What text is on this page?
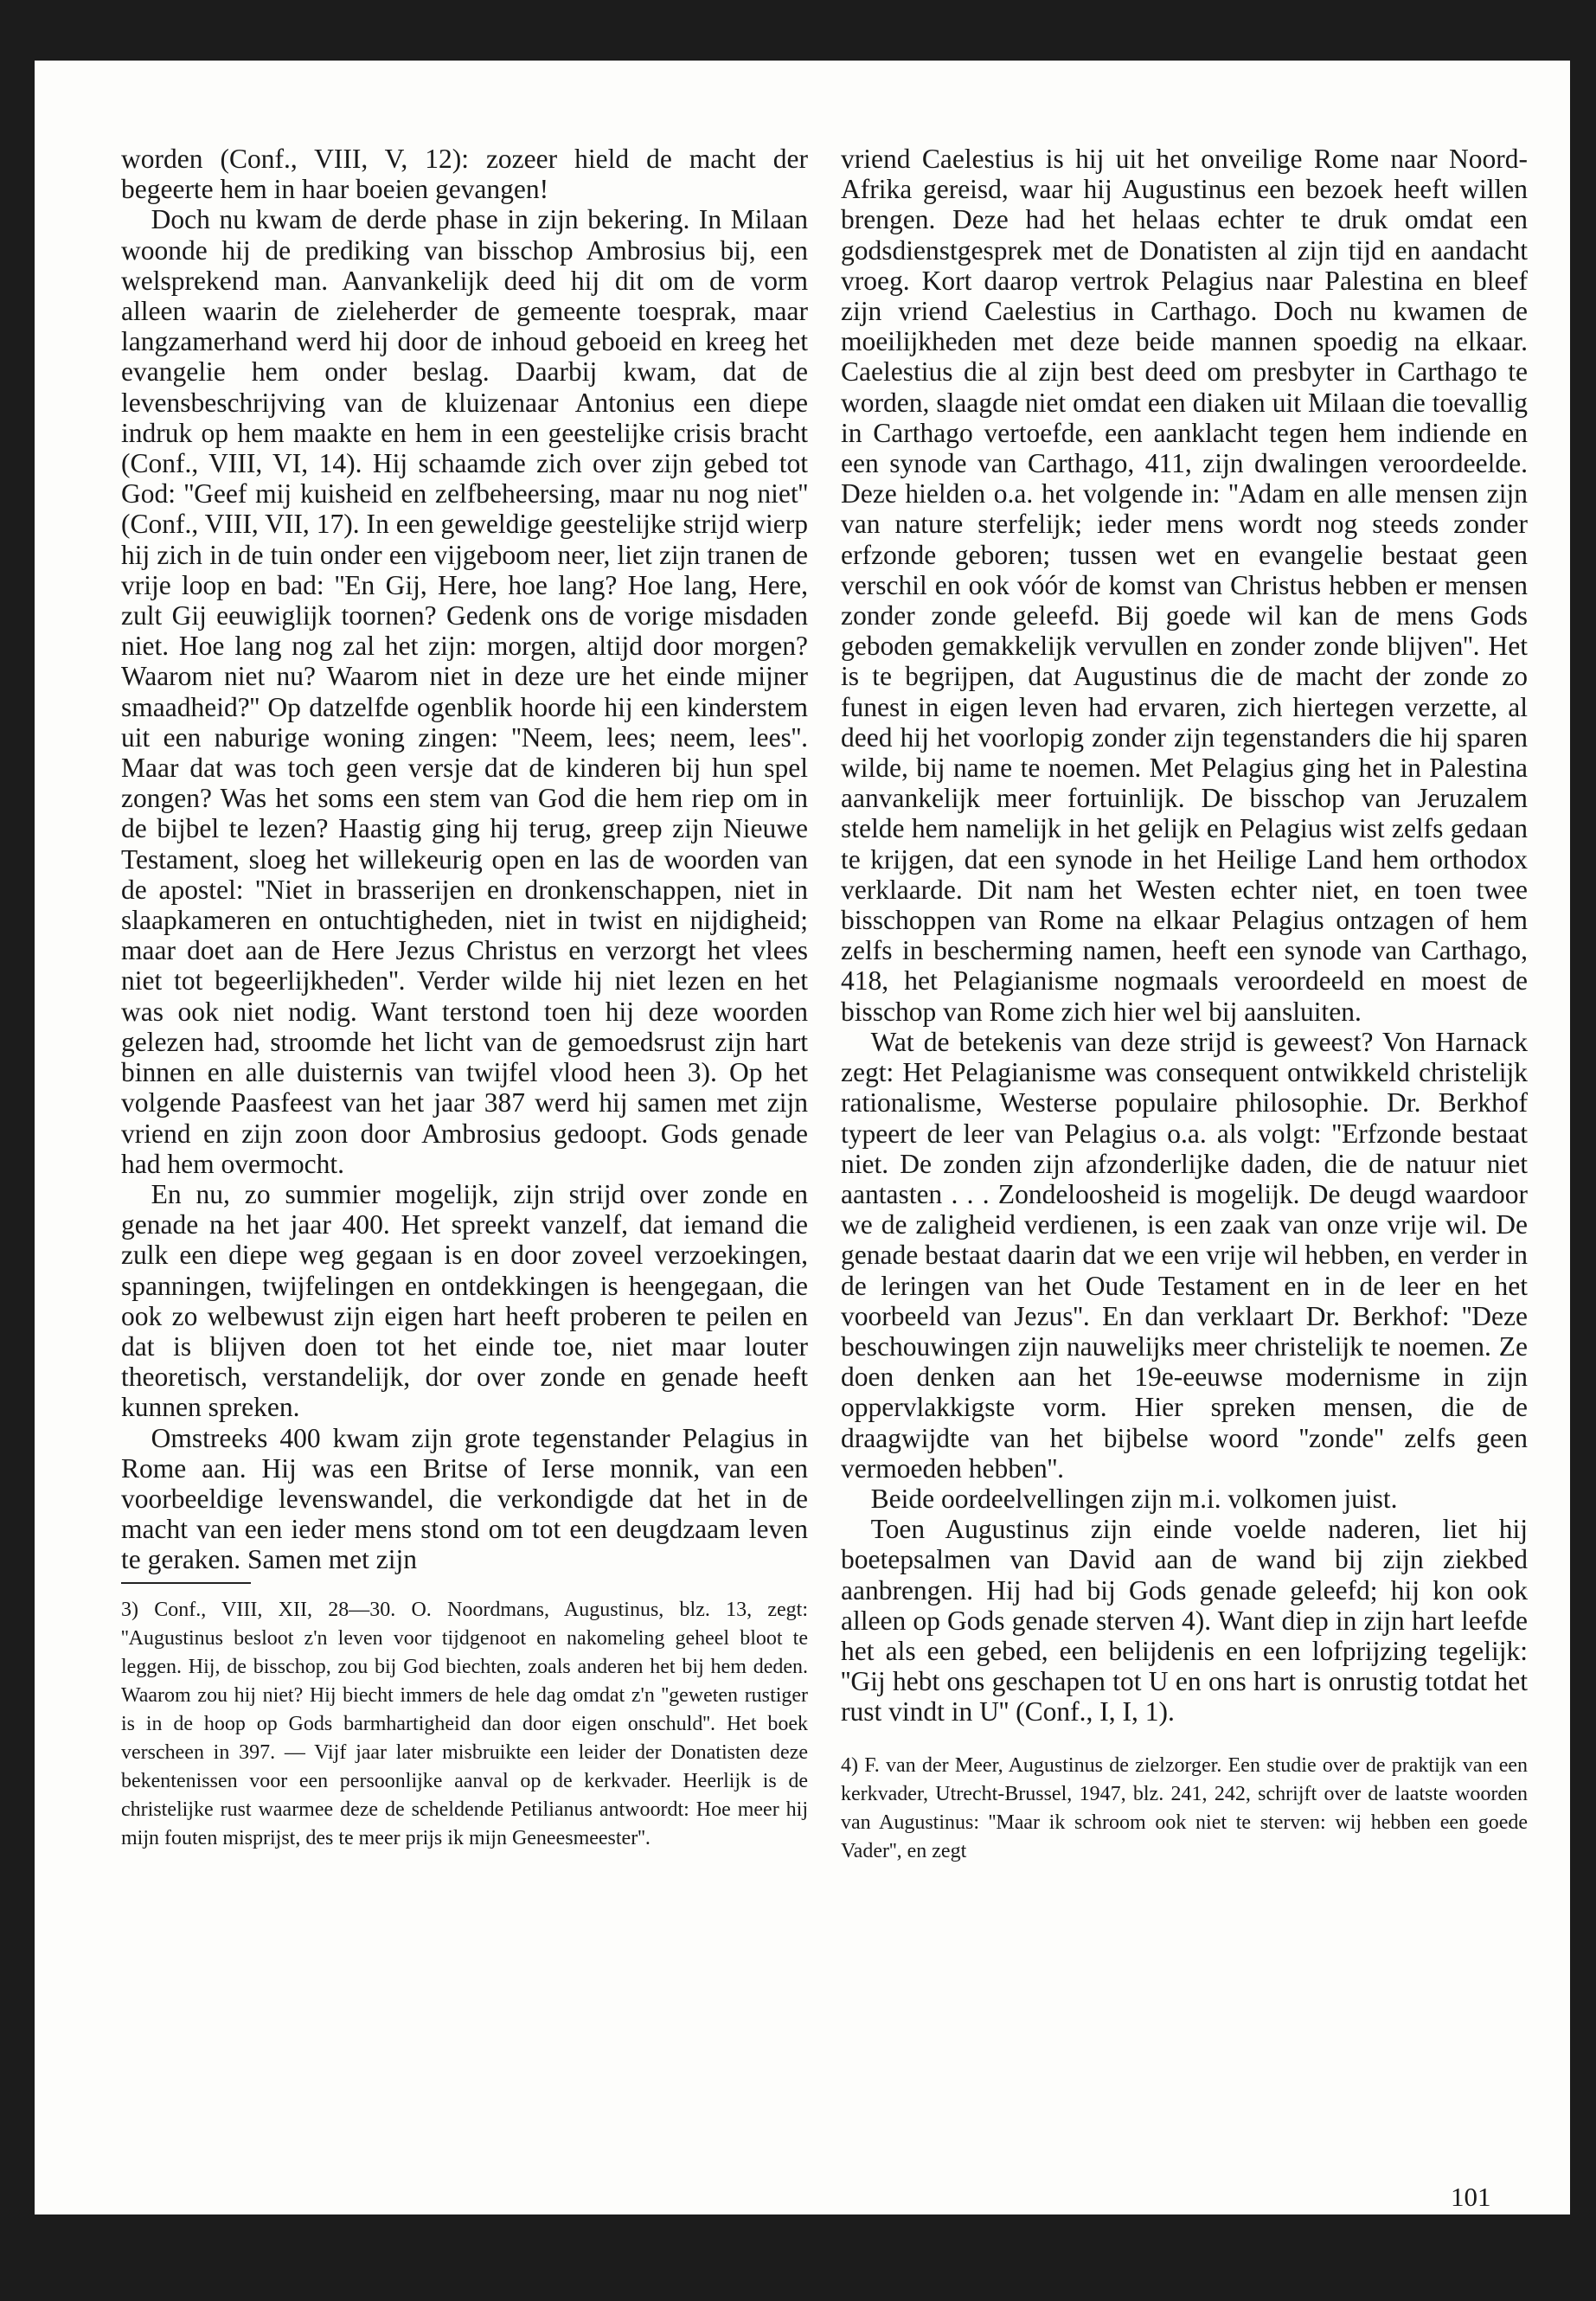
worden (Conf., VIII, V, 12): zozeer hield de macht der begeerte hem in haar boeien gevangen!

Doch nu kwam de derde phase in zijn bekering. In Milaan woonde hij de prediking van bisschop Ambrosius bij, een welsprekend man. Aanvankelijk deed hij dit om de vorm alleen waarin de zieleherder de gemeente toesprak, maar langzamerhand werd hij door de inhoud geboeid en kreeg het evangelie hem onder beslag. Daarbij kwam, dat de levensbeschrijving van de kluizenaar Antonius een diepe indruk op hem maakte en hem in een geestelijke crisis bracht (Conf., VIII, VI, 14). Hij schaamde zich over zijn gebed tot God: ''Geef mij kuisheid en zelfbeheersing, maar nu nog niet'' (Conf., VIII, VII, 17). In een geweldige geestelijke strijd wierp hij zich in de tuin onder een vijgeboom neer, liet zijn tranen de vrije loop en bad: ''En Gij, Here, hoe lang? Hoe lang, Here, zult Gij eeuwiglijk toornen? Gedenk ons de vorige misdaden niet. Hoe lang nog zal het zijn: morgen, altijd door morgen? Waarom niet nu? Waarom niet in deze ure het einde mijner smaadheid?'' Op datzelfde ogenblik hoorde hij een kinderstem uit een naburige woning zingen: ''Neem, lees; neem, lees''. Maar dat was toch geen versje dat de kinderen bij hun spel zongen? Was het soms een stem van God die hem riep om in de bijbel te lezen? Haastig ging hij terug, greep zijn Nieuwe Testament, sloeg het willekeurig open en las de woorden van de apostel: ''Niet in brasserijen en dronkenschappen, niet in slaapkameren en ontuchtigheden, niet in twist en nijdigheid; maar doet aan de Here Jezus Christus en verzorgt het vlees niet tot begeerlijkheden''. Verder wilde hij niet lezen en het was ook niet nodig. Want terstond toen hij deze woorden gelezen had, stroomde het licht van de gemoedsrust zijn hart binnen en alle duisternis van twijfel vlood heen 3). Op het volgende Paasfeest van het jaar 387 werd hij samen met zijn vriend en zijn zoon door Ambrosius gedoopt. Gods genade had hem overmocht.

En nu, zo summier mogelijk, zijn strijd over zonde en genade na het jaar 400. Het spreekt vanzelf, dat iemand die zulk een diepe weg gegaan is en door zoveel verzoekingen, spanningen, twijfelingen en ontdekkingen is heengegaan, die ook zo welbewust zijn eigen hart heeft proberen te peilen en dat is blijven doen tot het einde toe, niet maar louter theoretisch, verstandelijk, dor over zonde en genade heeft kunnen spreken.

Omstreeks 400 kwam zijn grote tegenstander Pelagius in Rome aan. Hij was een Britse of Ierse monnik, van een voorbeeldige levenswandel, die verkondigde dat het in de macht van een ieder mens stond om tot een deugdzaam leven te geraken. Samen met zijn

3) Conf., VIII, XII, 28—30. O. Noordmans, Augustinus, blz. 13, zegt: ''Augustinus besloot z'n leven voor tijdgenoot en nakomeling geheel bloot te leggen. Hij, de bisschop, zou bij God biechten, zoals anderen het bij hem deden. Waarom zou hij niet? Hij biecht immers de hele dag omdat z'n ''geweten rustiger is in de hoop op Gods barmhartigheid dan door eigen onschuld''. Het boek verscheen in 397. — Vijf jaar later misbruikte een leider der Donatisten deze bekentenissen voor een persoonlijke aanval op de kerkvader. Heerlijk is de christelijke rust waarmee deze de scheldende Petilianus antwoordt: Hoe meer hij mijn fouten misprijst, des te meer prijs ik mijn Geneesmeester''.

vriend Caelestius is hij uit het onveilige Rome naar Noord-Afrika gereisd, waar hij Augustinus een bezoek heeft willen brengen. Deze had het helaas echter te druk omdat een godsdienstgesprek met de Donatisten al zijn tijd en aandacht vroeg. Kort daarop vertrok Pelagius naar Palestina en bleef zijn vriend Caelestius in Carthago. Doch nu kwamen de moeilijkheden met deze beide mannen spoedig na elkaar. Caelestius die al zijn best deed om presbyter in Carthago te worden, slaagde niet omdat een diaken uit Milaan die toevallig in Carthago vertoefde, een aanklacht tegen hem indiende en een synode van Carthago, 411, zijn dwalingen veroordeelde. Deze hielden o.a. het volgende in: ''Adam en alle mensen zijn van nature sterfelijk; ieder mens wordt nog steeds zonder erfzonde geboren; tussen wet en evangelie bestaat geen verschil en ook vóór de komst van Christus hebben er mensen zonder zonde geleefd. Bij goede wil kan de mens Gods geboden gemakkelijk vervullen en zonder zonde blijven''. Het is te begrijpen, dat Augustinus die de macht der zonde zo funest in eigen leven had ervaren, zich hiertegen verzette, al deed hij het voorlopig zonder zijn tegenstanders die hij sparen wilde, bij name te noemen. Met Pelagius ging het in Palestina aanvankelijk meer fortuinlijk. De bisschop van Jeruzalem stelde hem namelijk in het gelijk en Pelagius wist zelfs gedaan te krijgen, dat een synode in het Heilige Land hem orthodox verklaarde. Dit nam het Westen echter niet, en toen twee bisschoppen van Rome na elkaar Pelagius ontzagen of hem zelfs in bescherming namen, heeft een synode van Carthago, 418, het Pelagianisme nogmaals veroordeeld en moest de bisschop van Rome zich hier wel bij aansluiten.

Wat de betekenis van deze strijd is geweest? Von Harnack zegt: Het Pelagianisme was consequent ontwikkeld christelijk rationalisme, Westerse populaire philosophie. Dr. Berkhof typeert de leer van Pelagius o.a. als volgt: ''Erfzonde bestaat niet. De zonden zijn afzonderlijke daden, die de natuur niet aantasten . . . Zondeloosheid is mogelijk. De deugd waardoor we de zaligheid verdienen, is een zaak van onze vrije wil. De genade bestaat daarin dat we een vrije wil hebben, en verder in de leringen van het Oude Testament en in de leer en het voorbeeld van Jezus''. En dan verklaart Dr. Berkhof: ''Deze beschouwingen zijn nauwelijks meer christelijk te noemen. Ze doen denken aan het 19e-eeuwse modernisme in zijn oppervlakkigste vorm. Hier spreken mensen, die de draagwijdte van het bijbelse woord ''zonde'' zelfs geen vermoeden hebben''.

Beide oordeelvellingen zijn m.i. volkomen juist.

Toen Augustinus zijn einde voelde naderen, liet hij boetepsalmen van David aan de wand bij zijn ziekbed aanbrengen. Hij had bij Gods genade geleefd; hij kon ook alleen op Gods genade sterven 4). Want diep in zijn hart leefde het als een gebed, een belijdenis en een lofprijzing tegelijk: ''Gij hebt ons geschapen tot U en ons hart is onrustig totdat het rust vindt in U'' (Conf., I, I, 1).

4) F. van der Meer, Augustinus de zielzorger. Een studie over de praktijk van een kerkvader, Utrecht-Brussel, 1947, blz. 241, 242, schrijft over de laatste woorden van Augustinus: ''Maar ik schroom ook niet te sterven: wij hebben een goede Vader'', en zegt

101
